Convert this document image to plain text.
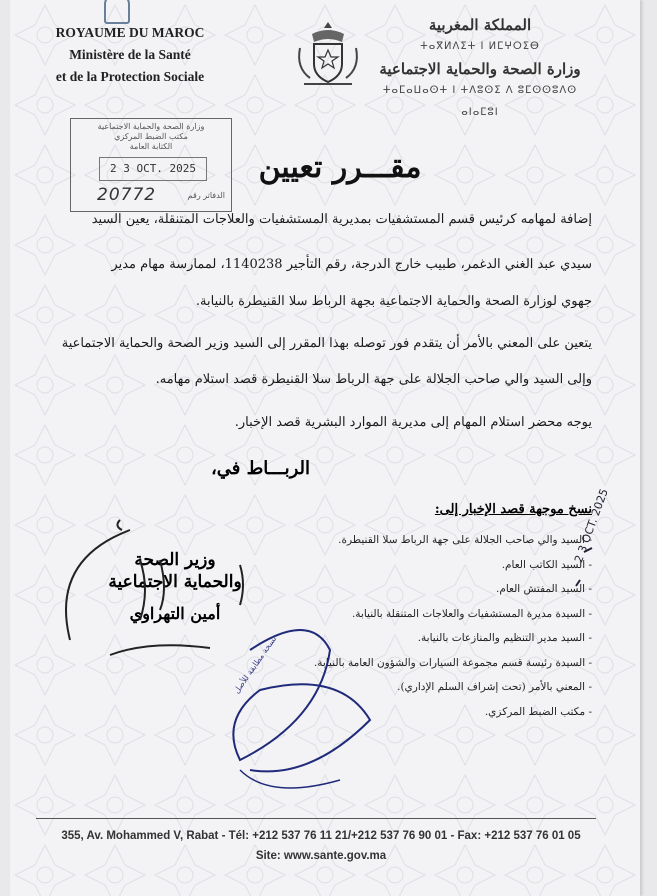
ROYAUME DU MAROC
Ministère de la Santé
et de la Protection Sociale
المملكة المغربية
ⵜⴰⴳⵍⴷⵉⵜ ⵏ ⵍⵎⵖⵔⵉⴱ
وزارة الصحة والحماية الاجتماعية
ⵜⴰⵎⴰⵡⴰⵙⵜ ⵏ ⵜⴷⵓⵙⵉ ⴷ ⵓⵎⵙⵙⵓⴷⵙ ⴰⵏⴰⵎⵓⵏ
وزارة الصحة والحماية الاجتماعية
مكتب الضبط المركزي
الكتابة العامة
2 3 OCT. 2025
20772	الدفاتر رقم
مقـــرر تعيين
إضافة لمهامه كرئيس قسم المستشفيات بمديرية المستشفيات والعلاجات المتنقلة، يعين السيد
سيدي عبد الغني الدغمر، طبيب خارج الدرجة، رقم التأجير 1140238، لممارسة مهام مدير
جهوي لوزارة الصحة والحماية الاجتماعية بجهة الرباط سلا القنيطرة بالنيابة.
يتعين على المعني بالأمر أن يتقدم فور توصله بهذا المقرر إلى السيد وزير الصحة والحماية الاجتماعية
وإلى السيد والي صاحب الجلالة على جهة الرباط سلا القنيطرة قصد استلام مهامه.
يوجه محضر استلام المهام إلى مديرية الموارد البشرية قصد الإخبار.
الربـــاط في،
نسخ موجهة قصد الإخبار إلى:
- السيد والي صاحب الجلالة على جهة الرباط سلا القنيطرة.
- السيد الكاتب العام.
- السيد المفتش العام.
- السيدة مديرة المستشفيات والعلاجات المتنقلة بالنيابة.
- السيد مدير التنظيم والمنازعات بالنيابة.
- السيدة رئيسة قسم مجموعة السيارات والشؤون العامة بالنيابة.
- المعني بالأمر (تحت إشراف السلم الإداري).
- مكتب الضبط المركزي.
وزير الصحة
والحماية الاجتماعية
أمين التهراوي
نسخة مطابقة للأصل
2 3 OCT. 2025
355, Av. Mohammed V, Rabat - Tél: +212 537 76 11 21/+212 537 76 90 01 - Fax: +212 537 76 01 05
Site: www.sante.gov.ma
